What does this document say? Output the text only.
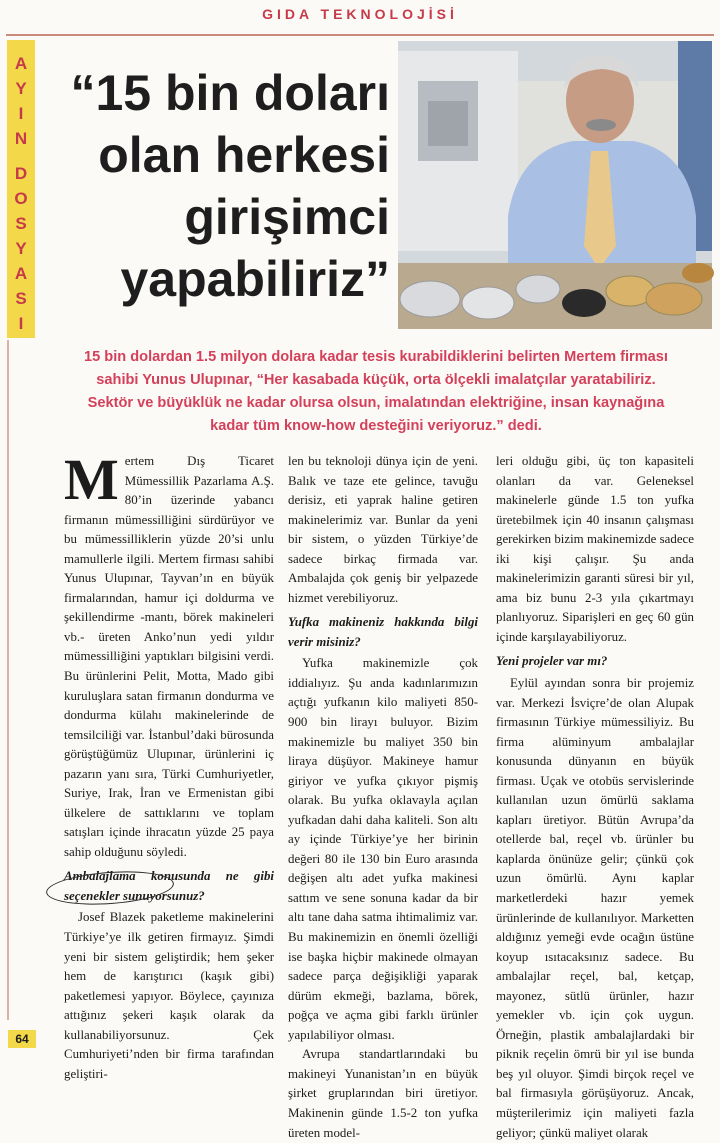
GIDA TEKNOLOJİSİ
A
Y
I
N
D
O
S
Y
A
S
I
“15 bin doları
olan herkesi
girişimci
yapabiliriz”
15 bin dolardan 1.5 milyon dolara kadar tesis kurabildiklerini belirten Mertem firması
sahibi Yunus Ulupınar, “Her kasabada küçük, orta ölçekli imalatçılar yaratabiliriz.
Sektör ve büyüklük ne kadar olursa olsun, imalatından elektriğine, insan kaynağına
kadar tüm know-how desteğini veriyoruz.” dedi.

Mertem Dış Ticaret Mümessillik Pazarlama A.Ş. 80’in üzerinde yabancı firmanın mümessilliğini sürdürüyor ve bu mümessilliklerin yüzde 20’si unlu mamullerle ilgili. Mertem firması sahibi Yunus Ulupınar, Tayvan’ın en büyük firmalarından, hamur içi doldurma ve şekillendirme -mantı, börek makineleri vb.- üreten Anko’nun yedi yıldır mümessilliğini yaptıkları bilgisini verdi. Bu ürünlerini Pelit, Motta, Mado gibi kuruluşlara satan firmanın dondurma ve dondurma külahı makinelerinde de temsilciliği var. İstanbul’daki bürosunda görüştüğümüz Ulupınar, ürünlerini iç pazarın yanı sıra, Türki Cumhuriyetler, Suriye, Irak, İran ve Ermenistan gibi ülkelere de sattıklarını ve toplam satışları içinde ihracatın yüzde 25 paya sahip olduğunu söyledi.

Ambalajlama konusunda ne gibi seçenekler sunuyorsunuz?

Josef Blazek paketleme makinelerini Türkiye’ye ilk getiren firmayız. Şimdi yeni bir sistem geliştirdik; hem şeker hem de karıştırıcı (kaşık gibi) paketlemesi yapıyor. Böylece, çayınıza attığınız şekeri kaşık olarak da kullanabiliyorsunuz. Çek Cumhuriyeti’nden bir firma tarafından geliştiri-

len bu teknoloji dünya için de yeni. Balık ve taze ete gelince, tavuğu derisiz, eti yaprak haline getiren makinelerimiz var. Bunlar da yeni bir sistem, o yüzden Türkiye’de sadece birkaç firmada var. Ambalajda çok geniş bir yelpazede hizmet verebiliyoruz.

Yufka makineniz hakkında bilgi verir misiniz?

Yufka makinemizle çok iddialıyız. Şu anda kadınlarımızın açtığı yufkanın kilo maliyeti 850-900 bin lirayı buluyor. Bizim makinemizle bu maliyet 350 bin liraya düşüyor. Makineye hamur giriyor ve yufka çıkıyor pişmiş olarak. Bu yufka oklavayla açılan yufkadan dahi daha kaliteli. Son altı ay içinde Türkiye’ye her birinin değeri 80 ile 130 bin Euro arasında değişen altı adet yufka makinesi sattım ve sene sonuna kadar da bir altı tane daha satma ihtimalimiz var. Bu makinemizin en önemli özelliği ise başka hiçbir makinede olmayan sadece parça değişikliği yaparak dürüm ekmeği, bazlama, börek, poğça ve açma gibi farklı ürünler yapılabiliyor olması.

Avrupa standartlarındaki bu makineyi Yunanistan’ın en büyük şirket gruplarından biri üretiyor. Makinenin günde 1.5-2 ton yufka üreten model-

leri olduğu gibi, üç ton kapasiteli olanları da var. Geleneksel makinelerle günde 1.5 ton yufka üretebilmek için 40 insanın çalışması gerekirken bizim makinemizde sadece iki kişi çalışır. Şu anda makinelerimizin garanti süresi bir yıl, ama biz bunu 2-3 yıla çıkartmayı planlıyoruz. Siparişleri en geç 60 gün içinde karşılayabiliyoruz.

Yeni projeler var mı?

Eylül ayından sonra bir projemiz var. Merkezi İsviçre’de olan Alupak firmasının Türkiye mümessiliyiz. Bu firma alüminyum ambalajlar konusunda dünyanın en büyük firması. Uçak ve otobüs servislerinde kullanılan uzun ömürlü saklama kapları üretiyor. Bütün Avrupa’da otellerde bal, reçel vb. ürünler bu kaplarda önünüze gelir; çünkü çok uzun ömürlü. Aynı kaplar marketlerdeki hazır yemek ürünlerinde de kullanılıyor. Marketten aldığınız yemeği evde ocağın üstüne koyup ısıtacaksınız sadece. Bu ambalajlar reçel, bal, ketçap, mayonez, sütlü ürünler, hazır yemekler vb. için çok uygun. Örneğin, plastik ambalajlardaki bir piknik reçelin ömrü bir yıl ise bunda beş yıl oluyor. Şimdi birçok reçel ve bal firmasıyla görüşüyoruz. Ancak, müşterilerimiz için maliyeti fazla geliyor; çünkü maliyet olarak

64
